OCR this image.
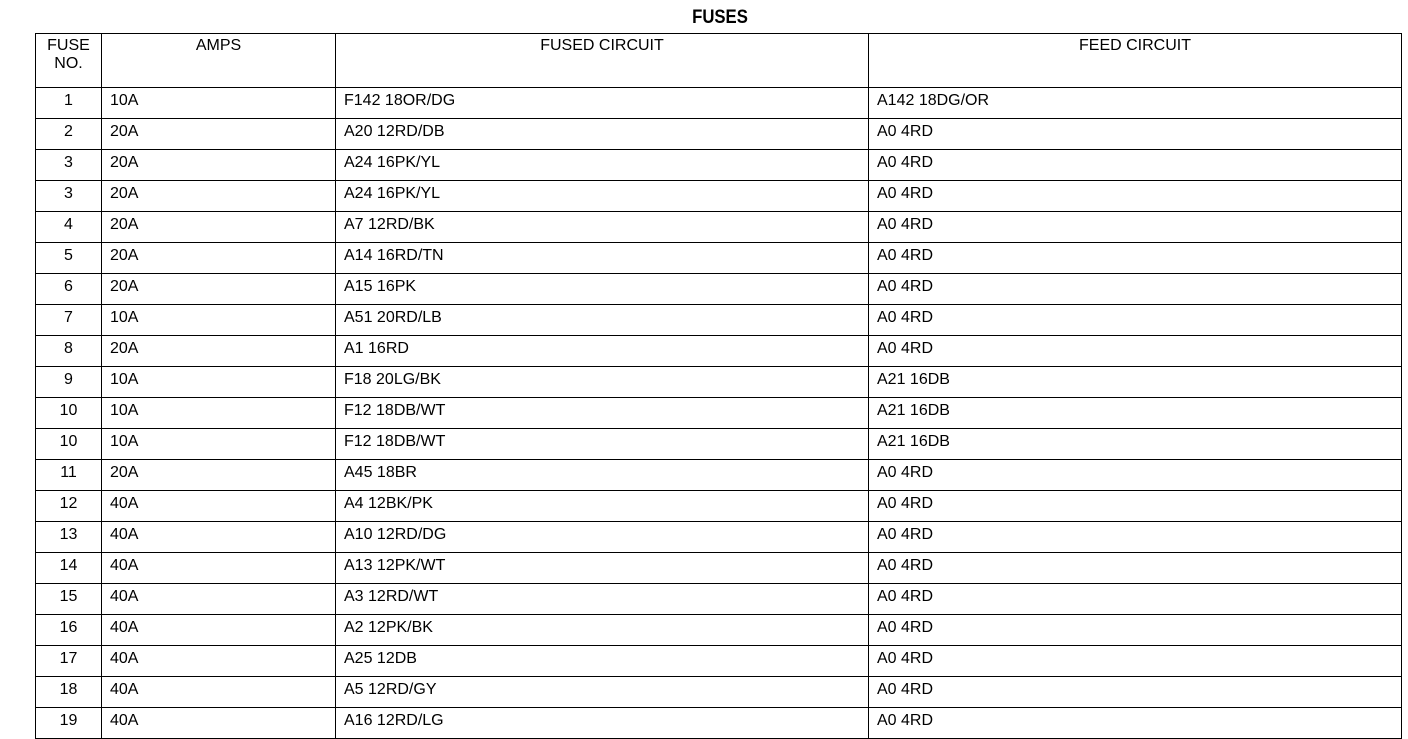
FUSES
FUSE
NO.	AMPS	FUSED CIRCUIT	FEED CIRCUIT
1	10A	F142 18OR/DG	A142 18DG/OR
2	20A	A20 12RD/DB	A0 4RD
3	20A	A24 16PK/YL	A0 4RD
3	20A	A24 16PK/YL	A0 4RD
4	20A	A7 12RD/BK	A0 4RD
5	20A	A14 16RD/TN	A0 4RD
6	20A	A15 16PK	A0 4RD
7	10A	A51 20RD/LB	A0 4RD
8	20A	A1 16RD	A0 4RD
9	10A	F18 20LG/BK	A21 16DB
10	10A	F12 18DB/WT	A21 16DB
10	10A	F12 18DB/WT	A21 16DB
11	20A	A45 18BR	A0 4RD
12	40A	A4 12BK/PK	A0 4RD
13	40A	A10 12RD/DG	A0 4RD
14	40A	A13 12PK/WT	A0 4RD
15	40A	A3 12RD/WT	A0 4RD
16	40A	A2 12PK/BK	A0 4RD
17	40A	A25 12DB	A0 4RD
18	40A	A5 12RD/GY	A0 4RD
19	40A	A16 12RD/LG	A0 4RD
